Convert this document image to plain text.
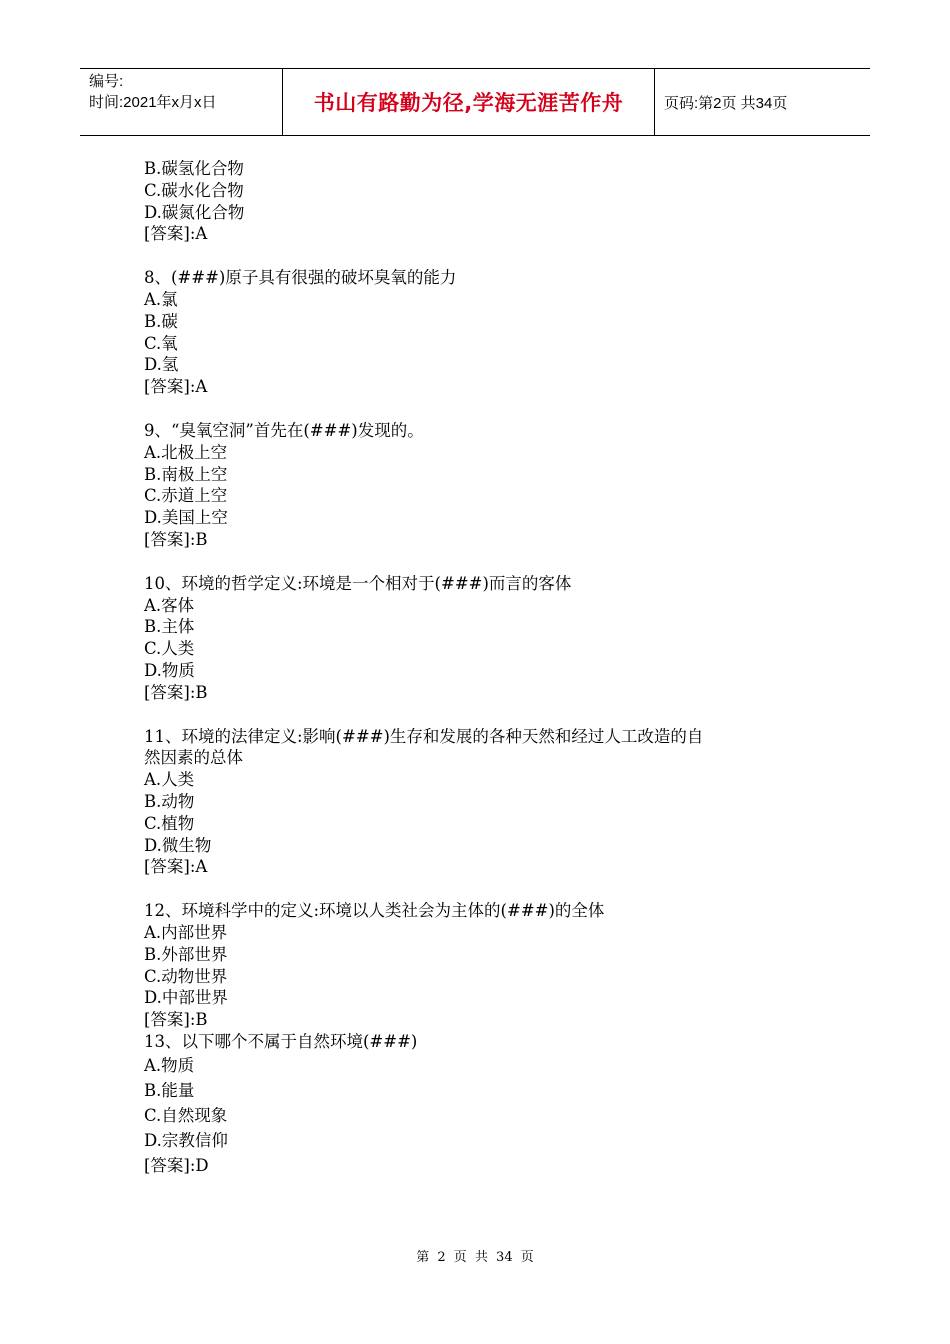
编号:
时间:2021年x月x日	书山有路勤为径,学海无涯苦作舟	页码:第2页 共34页
B.碳氢化合物
C.碳水化合物
D.碳氮化合物
[答案]:A
8、(###)原子具有很强的破坏臭氧的能力
A.氯
B.碳
C.氧
D.氢
[答案]:A
9、“臭氧空洞”首先在(###)发现的。
A.北极上空
B.南极上空
C.赤道上空
D.美国上空
[答案]:B
10、环境的哲学定义:环境是一个相对于(###)而言的客体
A.客体
B.主体
C.人类
D.物质
[答案]:B
11、环境的法律定义:影响(###)生存和发展的各种天然和经过人工改造的自
然因素的总体
A.人类
B.动物
C.植物
D.微生物
[答案]:A
12、环境科学中的定义:环境以人类社会为主体的(###)的全体
A.内部世界
B.外部世界
C.动物世界
D.中部世界
[答案]:B
13、以下哪个不属于自然环境(###)
A.物质
B.能量
C.自然现象
D.宗教信仰
[答案]:D
第 2 页 共 34 页
